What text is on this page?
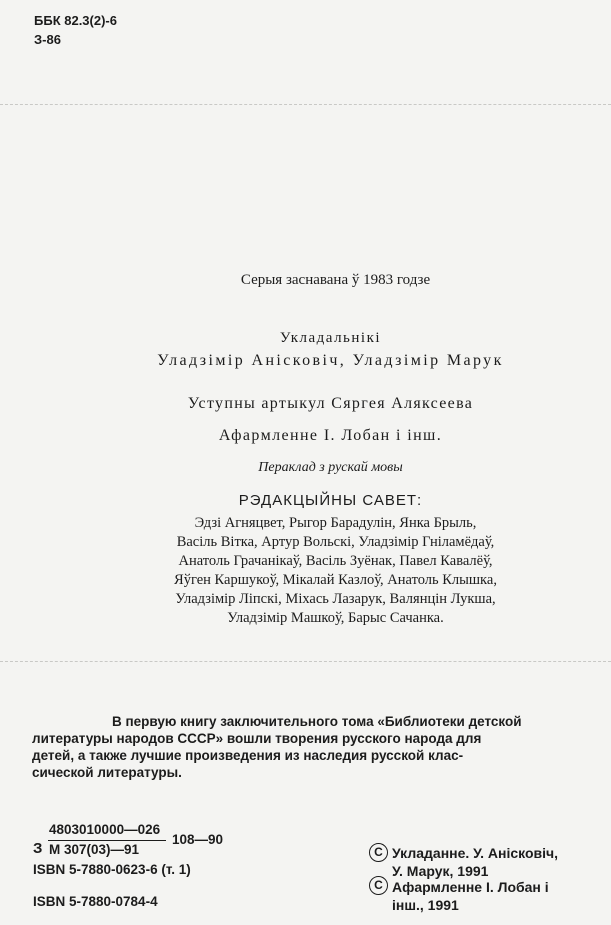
ББК 82.3(2)-6
З-86
Серыя заснавана ў 1983 годзе
Укладальнікі
Уладзімір Анісковіч, Уладзімір Марук
Уступны артыкул Сяргея Аляксеева
Афармленне І. Лобан і інш.
Пераклад з рускай мовы
РЭДАКЦЫЙНЫ САВЕТ:
Эдзі Агняцвет, Рыгор Барадулін, Янка Брыль,
Васіль Вітка, Артур Вольскі, Уладзімір Гніламёдаў,
Анатоль Грачанікаў, Васіль Зуёнак, Павел Кавалёў,
Яўген Каршукоў, Мікалай Казлоў, Анатоль Клышка,
Уладзімір Ліпскі, Міхась Лазарук, Валянцін Лукша,
Уладзімір Машкоў, Барыс Сачанка.
В первую книгу заключительного тома «Библиотеки детской
литературы народов СССР» вошли творения русского народа для
детей, а также лучшие произведения из наследия русской клас-
сической литературы.
З
4803010000—026
М 307(03)—91
108—90
ISBN 5-7880-0623-6 (т. 1)
ISBN 5-7880-0784-4
C
C
Укладанне. У. Анісковіч,
У. Марук, 1991
Афармленне І. Лобан і
інш., 1991
